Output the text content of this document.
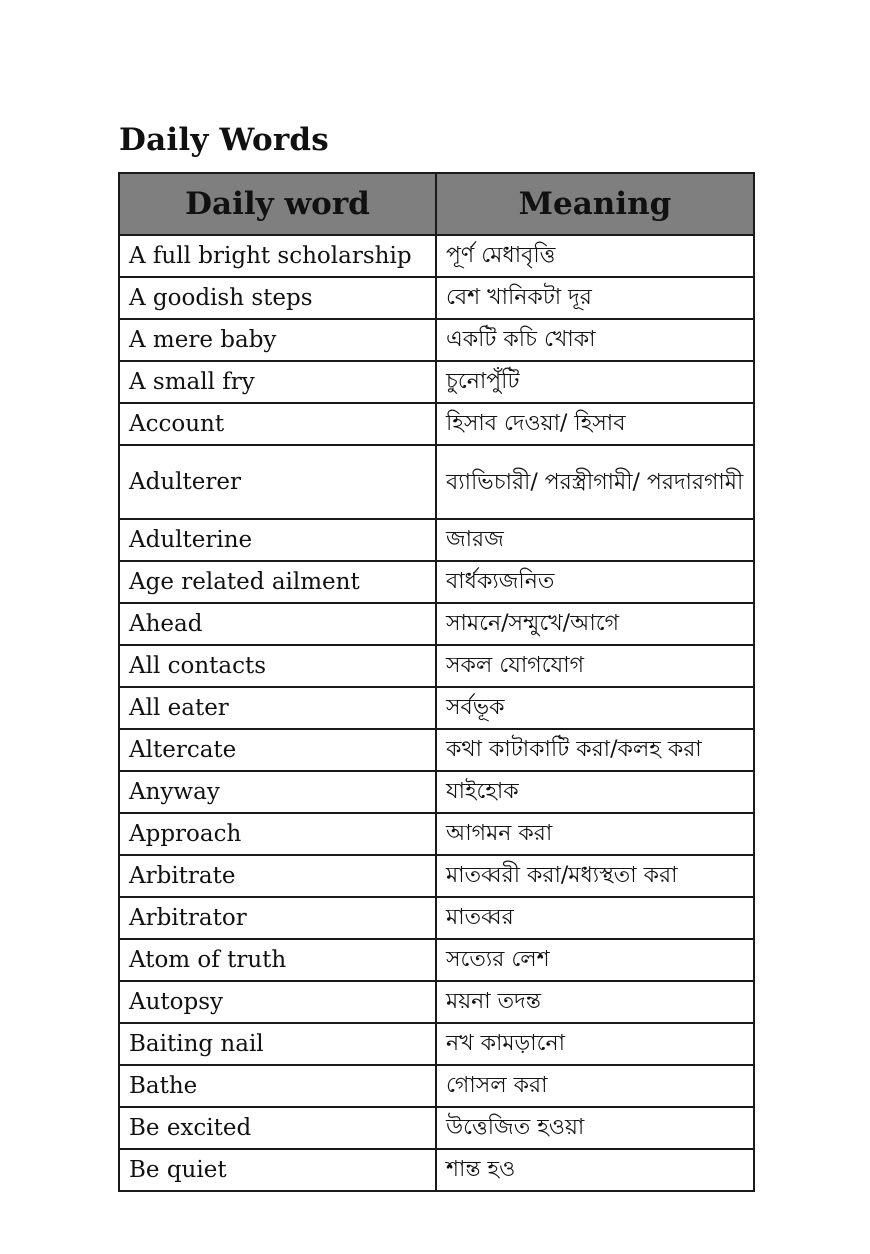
Daily Words
Daily word	Meaning
A full bright scholarship	পূর্ণ মেধাবৃত্তি
A goodish steps	বেশ খানিকটা দূর
A mere baby	একটি কচি খোকা
A small fry	চুনোপুঁটি
Account	হিসাব দেওয়া/ হিসাব
Adulterer	ব্যাভিচারী/ পরস্ত্রীগামী/ পরদারগামী
Adulterine	জারজ
Age related ailment	বার্ধক্যজনিত
Ahead	সামনে/সম্মুখে/আগে
All contacts	সকল যোগযোগ
All eater	সর্বভূক
Altercate	কথা কাটাকাটি করা/কলহ করা
Anyway	যাইহোক
Approach	আগমন করা
Arbitrate	মাতব্বরী করা/মধ্যস্থতা করা
Arbitrator	মাতব্বর
Atom of truth	সত্যের লেশ
Autopsy	ময়না তদন্ত
Baiting nail	নখ কামড়ানো
Bathe	গোসল করা
Be excited	উত্তেজিত হওয়া
Be quiet	শান্ত হও
